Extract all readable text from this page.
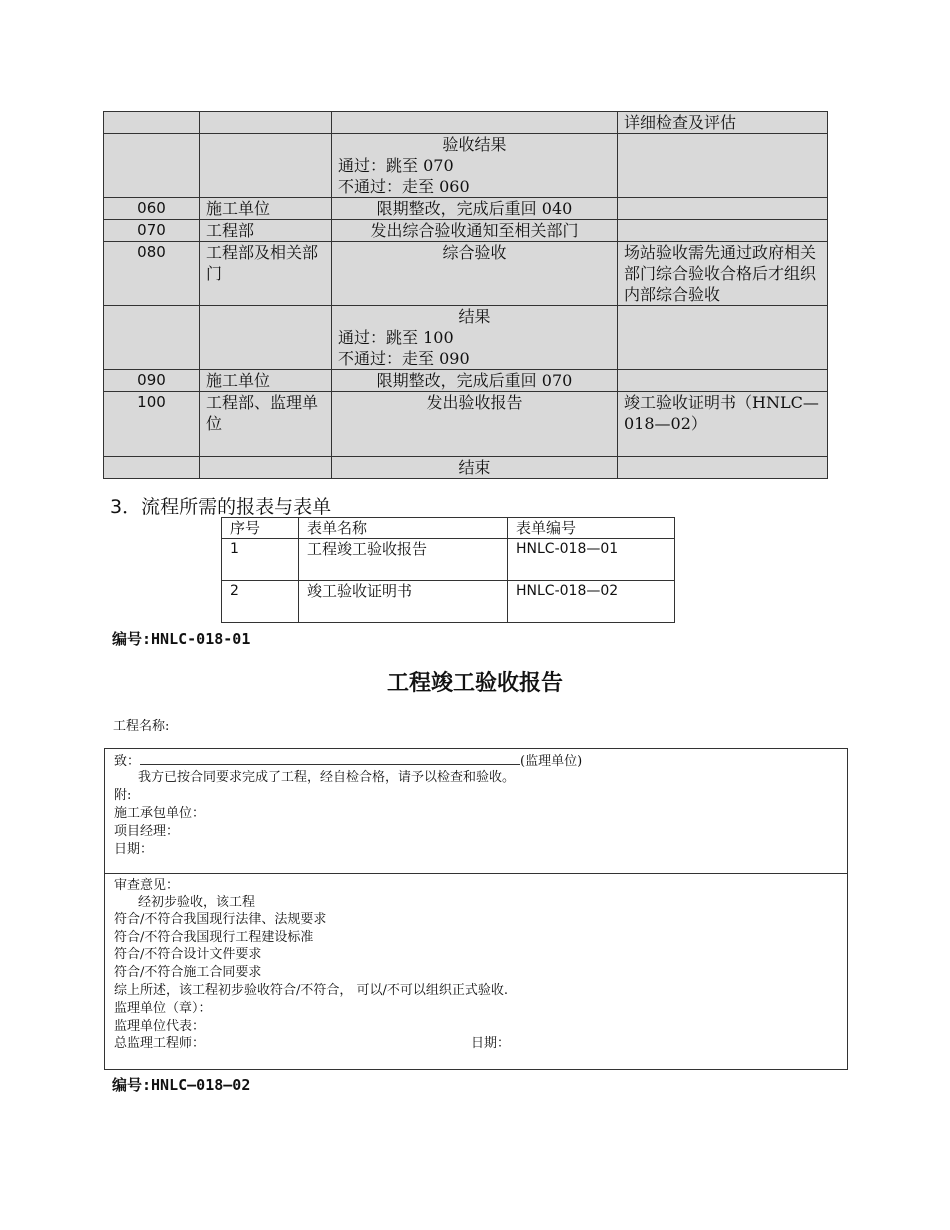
			详细检查及评估

		验收结果
通过：跳至 070
不通过：走至 060	

060	施工单位	限期整改，完成后重回 040	

070	工程部	发出综合验收通知至相关部门	

080	工程部及相关部门	综合验收	场站验收需先通过政府相关部门综合验收合格后才组织内部综合验收

		结果
通过：跳至 100
不通过：走至 090	

090	施工单位	限期整改，完成后重回 070	

100	工程部、监理单位	发出验收报告	竣工验收证明书（HNLC—018—02）

		结束	

3．流程所需的报表与表单
序号	表单名称	表单编号
1	工程竣工验收报告	HNLC-018—01
2	竣工验收证明书	HNLC-018—02
编号:HNLC-018-01
工程竣工验收报告
工程名称:
致：	(监理单位)
我方已按合同要求完成了工程，经自检合格，请予以检查和验收。
附:
施工承包单位：
项目经理：
日期：
审查意见：
经初步验收，该工程
符合/不符合我国现行法律、法规要求
符合/不符合我国现行工程建设标准
符合/不符合设计文件要求
符合/不符合施工合同要求
综上所述，该工程初步验收符合/不符合， 可以/不可以组织正式验收.
监理单位（章）：
监理单位代表：
总监理工程师：	日期：
编号:HNLC—018—02
